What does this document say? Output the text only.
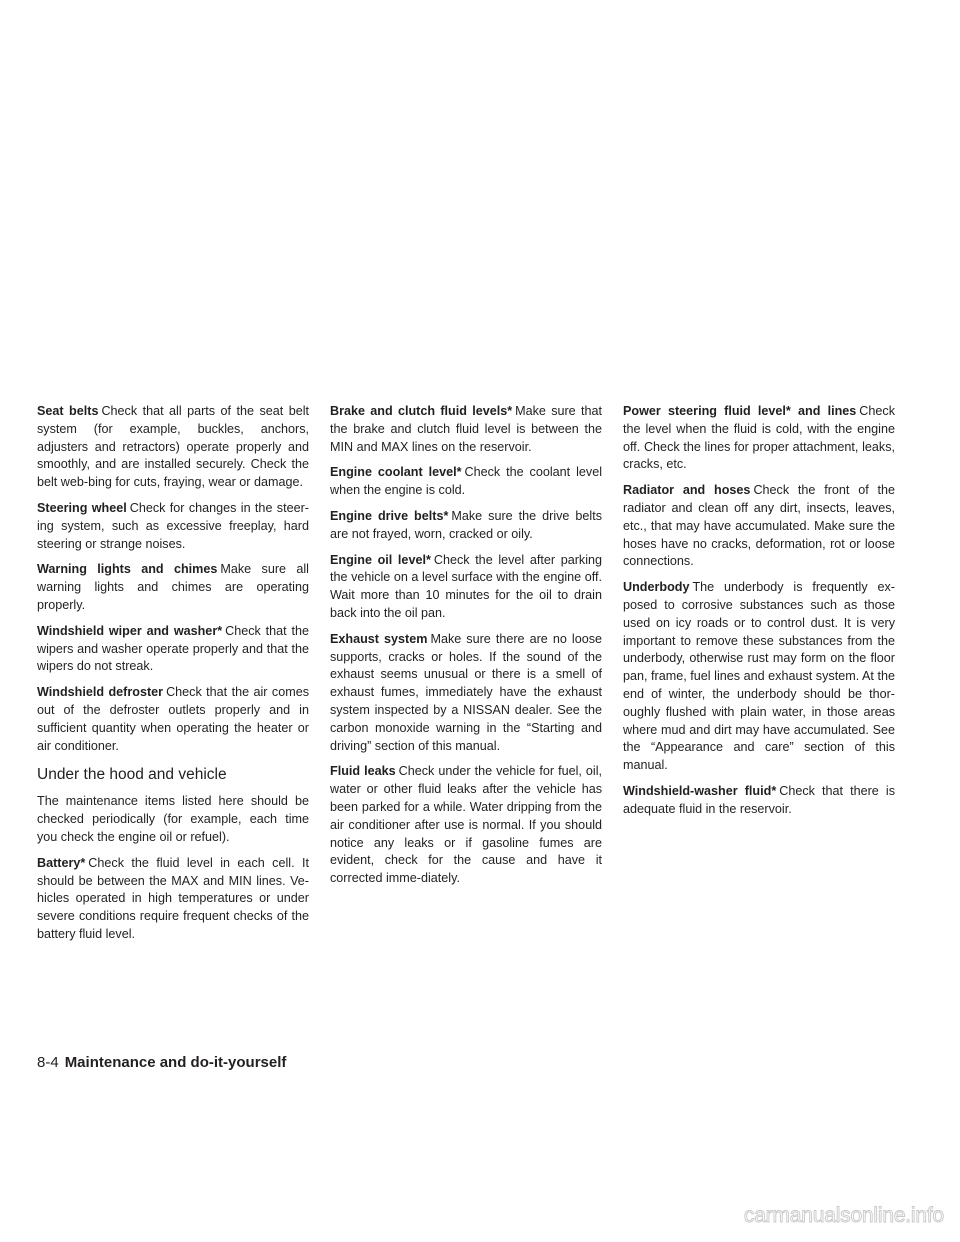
Seat belts Check that all parts of the seat belt system (for example, buckles, anchors, adjusters and retractors) operate properly and smoothly, and are installed securely. Check the belt web-bing for cuts, fraying, wear or damage.

Steering wheel Check for changes in the steer-ing system, such as excessive freeplay, hard steering or strange noises.

Warning lights and chimes Make sure all warning lights and chimes are operating properly.

Windshield wiper and washer* Check that the wipers and washer operate properly and that the wipers do not streak.

Windshield defroster Check that the air comes out of the defroster outlets properly and in sufficient quantity when operating the heater or air conditioner.

Under the hood and vehicle

The maintenance items listed here should be checked periodically (for example, each time you check the engine oil or refuel).

Battery* Check the fluid level in each cell. It should be between the MAX and MIN lines. Ve-hicles operated in high temperatures or under severe conditions require frequent checks of the battery fluid level.

Brake and clutch fluid levels* Make sure that the brake and clutch fluid level is between the MIN and MAX lines on the reservoir.

Engine coolant level* Check the coolant level when the engine is cold.

Engine drive belts* Make sure the drive belts are not frayed, worn, cracked or oily.

Engine oil level* Check the level after parking the vehicle on a level surface with the engine off. Wait more than 10 minutes for the oil to drain back into the oil pan.

Exhaust system Make sure there are no loose supports, cracks or holes. If the sound of the exhaust seems unusual or there is a smell of exhaust fumes, immediately have the exhaust system inspected by a NISSAN dealer. See the carbon monoxide warning in the “Starting and driving” section of this manual.

Fluid leaks Check under the vehicle for fuel, oil, water or other fluid leaks after the vehicle has been parked for a while. Water dripping from the air conditioner after use is normal. If you should notice any leaks or if gasoline fumes are evident, check for the cause and have it corrected imme-diately.

Power steering fluid level* and lines Check the level when the fluid is cold, with the engine off. Check the lines for proper attachment, leaks, cracks, etc.

Radiator and hoses Check the front of the radiator and clean off any dirt, insects, leaves, etc., that may have accumulated. Make sure the hoses have no cracks, deformation, rot or loose connections.

Underbody The underbody is frequently ex-posed to corrosive substances such as those used on icy roads or to control dust. It is very important to remove these substances from the underbody, otherwise rust may form on the floor pan, frame, fuel lines and exhaust system. At the end of winter, the underbody should be thor-oughly flushed with plain water, in those areas where mud and dirt may have accumulated. See the “Appearance and care” section of this manual.

Windshield-washer fluid* Check that there is adequate fluid in the reservoir.

8-4 Maintenance and do-it-yourself
carmanualsonline.info
